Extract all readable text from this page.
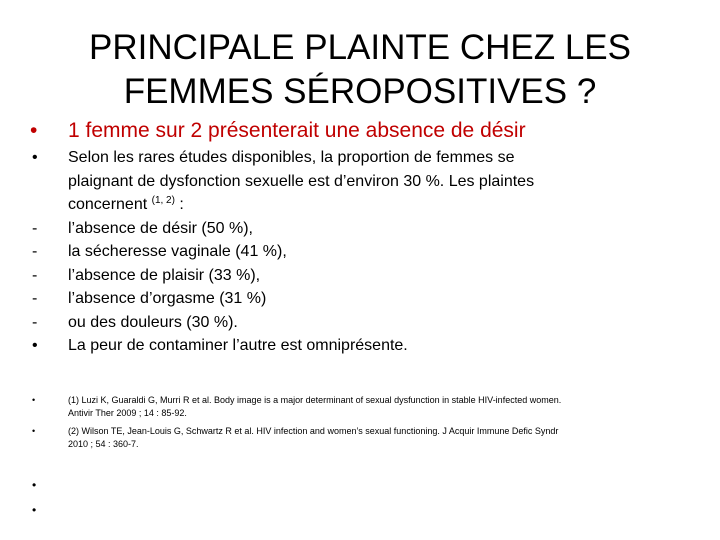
PRINCIPALE PLAINTE CHEZ LES
FEMMES SÉROPOSITIVES ?
• 1 femme sur 2 présenterait une absence de désir
•	Selon les rares études disponibles, la proportion de femmes se
plaignant de dysfonction sexuelle est d’environ 30 %. Les plaintes
concernent $^{(1, 2)}$ :
-	l’absence de désir (50 %),
-	la sécheresse vaginale (41 %),
-	l’absence de plaisir (33 %),
-	l’absence d’orgasme (31 %)
-	ou des douleurs (30 %).
•	La peur de contaminer l’autre est omniprésente.
•	(1) Luzi K, Guaraldi G, Murri R et al. Body image is a major determinant of sexual dysfunction in stable HIV-infected women.
Antivir Ther 2009 ; 14 : 85-92.
•	(2) Wilson TE, Jean-Louis G, Schwartz R et al. HIV infection and women’s sexual functioning. J Acquir Immune Defic Syndr
2010 ; 54 : 360-7.
•
•
